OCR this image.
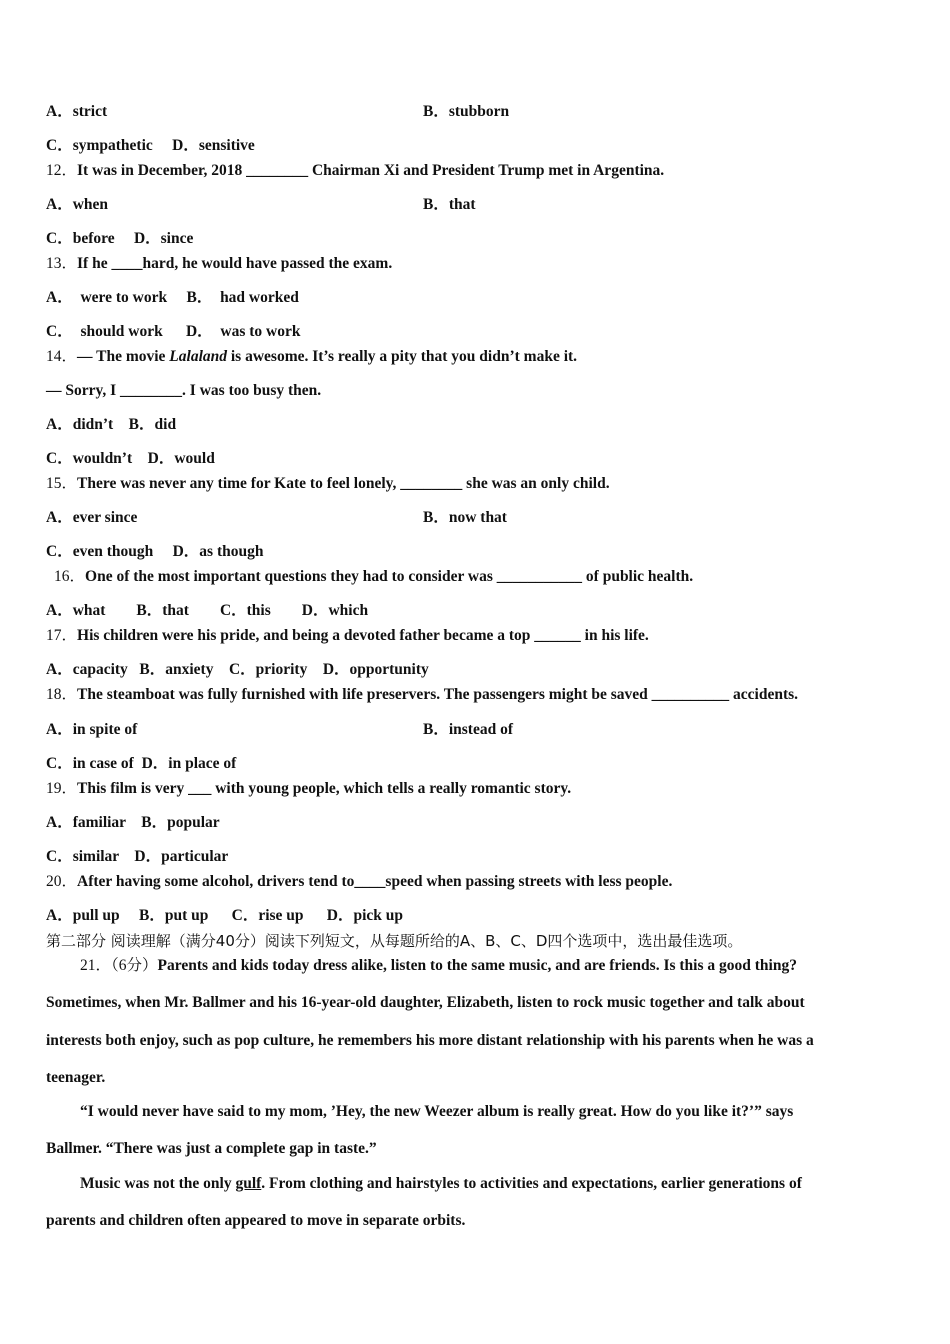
A．strict	B．stubborn
C．sympathetic     D．sensitive
12．It was in December, 2018 ________ Chairman Xi and President Trump met in Argentina.
A．when	B．that
C．before     D．since
13．If he ____hard, he would have passed the exam.
A．  were to work     B．  had worked
C．  should work      D．  was to work
14．— The movie Lalaland is awesome. It’s really a pity that you didn’t make it.
— Sorry, I ________. I was too busy then.
A．didn’t    B．did
C．wouldn’t    D．would
15．There was never any time for Kate to feel lonely, ________ she was an only child.
A．ever since	B．now that
C．even though     D．as though
16．One of the most important questions they had to consider was ___________ of public health.
A．what        B．that        C．this        D．which
17．His children were his pride, and being a devoted father became a top ______ in his life.
A．capacity   B．anxiety    C．priority    D．opportunity
18．The steamboat was fully furnished with life preservers. The passengers might be saved __________ accidents.
A．in spite of	B．instead of
C．in case of  D．in place of
19．This film is very ___ with young people, which tells a really romantic story.
A．familiar    B．popular
C．similar    D．particular
20．After having some alcohol, drivers tend to____speed when passing streets with less people.
A．pull up     B．put up      C．rise up      D．pick up
第二部分 阅读理解（满分40分）阅读下列短文，从每题所给的A、B、C、D四个选项中，选出最佳选项。
21．（6分）Parents and kids today dress alike, listen to the same music, and are friends. Is this a good thing?
Sometimes, when Mr. Ballmer and his 16-year-old daughter, Elizabeth, listen to rock music together and talk about
interests both enjoy, such as pop culture, he remembers his more distant relationship with his parents when he was a
teenager.
“I would never have said to my mom, ’Hey, the new Weezer album is really great. How do you like it?’” says
Ballmer. “There was just a complete gap in taste.”
Music was not the only gulf. From clothing and hairstyles to activities and expectations, earlier generations of
parents and children often appeared to move in separate orbits.
